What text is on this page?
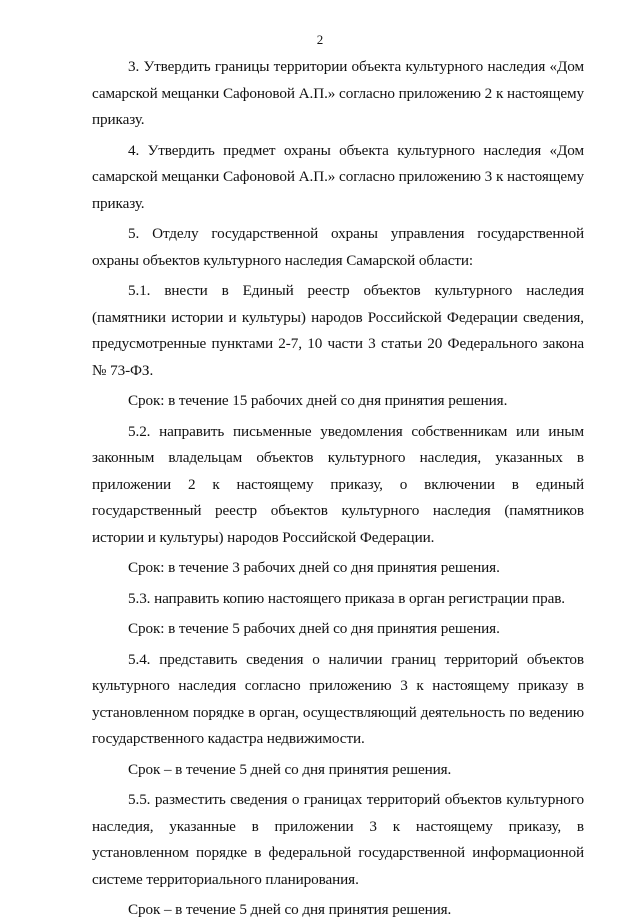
2

3. Утвердить границы территории объекта культурного наследия «Дом самарской мещанки Сафоновой А.П.» согласно приложению 2 к настоящему приказу.

4. Утвердить предмет охраны объекта культурного наследия «Дом самарской мещанки Сафоновой А.П.» согласно приложению 3 к настоящему приказу.

5. Отделу государственной охраны управления государственной охраны объектов культурного наследия Самарской области:

5.1. внести в Единый реестр объектов культурного наследия (памятники истории и культуры) народов Российской Федерации сведения, предусмотренные пунктами 2-7, 10 части 3 статьи 20 Федерального закона № 73-ФЗ.

Срок: в течение 15 рабочих дней со дня принятия решения.

5.2. направить письменные уведомления собственникам или иным законным владельцам объектов культурного наследия, указанных в приложении 2 к настоящему приказу, о включении в единый государственный реестр объектов культурного наследия (памятников истории и культуры) народов Российской Федерации.

Срок: в течение 3 рабочих дней со дня принятия решения.

5.3. направить копию настоящего приказа в орган регистрации прав.

Срок: в течение 5 рабочих дней со дня принятия решения.

5.4. представить сведения о наличии границ территорий объектов культурного наследия согласно приложению 3 к настоящему приказу в установленном порядке в орган, осуществляющий деятельность по ведению государственного кадастра недвижимости.

Срок – в течение 5 дней со дня принятия решения.

5.5. разместить сведения о границах территорий объектов культурного наследия, указанные в приложении 3 к настоящему приказу, в установленном порядке в федеральной государственной информационной системе территориального планирования.

Срок – в течение 5 дней со дня принятия решения.
